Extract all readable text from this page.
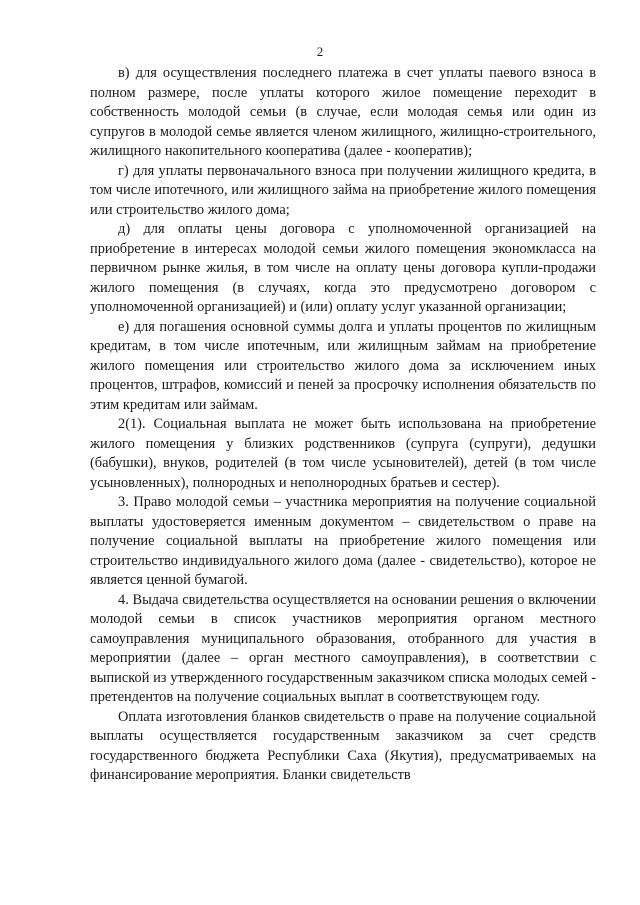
2

в) для осуществления последнего платежа в счет уплаты паевого взноса в полном размере, после уплаты которого жилое помещение переходит в собственность молодой семьи (в случае, если молодая семья или один из супругов в молодой семье является членом жилищного, жилищно-строительного, жилищного накопительного кооператива (далее - кооператив);

г) для уплаты первоначального взноса при получении жилищного кредита, в том числе ипотечного, или жилищного займа на приобретение жилого помещения или строительство жилого дома;

д) для оплаты цены договора с уполномоченной организацией на приобретение в интересах молодой семьи жилого помещения экономкласса на первичном рынке жилья, в том числе на оплату цены договора купли-продажи жилого помещения (в случаях, когда это предусмотрено договором с уполномоченной организацией) и (или) оплату услуг указанной организации;

е) для погашения основной суммы долга и уплаты процентов по жилищным кредитам, в том числе ипотечным, или жилищным займам на приобретение жилого помещения или строительство жилого дома за исключением иных процентов, штрафов, комиссий и пеней за просрочку исполнения обязательств по этим кредитам или займам.

2(1). Социальная выплата не может быть использована на приобретение жилого помещения у близких родственников (супруга (супруги), дедушки (бабушки), внуков, родителей (в том числе усыновителей), детей (в том числе усыновленных), полнородных и неполнородных братьев и сестер).

3. Право молодой семьи – участника мероприятия на получение социальной выплаты удостоверяется именным документом – свидетельством о праве на получение социальной выплаты на приобретение жилого помещения или строительство индивидуального жилого дома (далее - свидетельство), которое не является ценной бумагой.

4. Выдача свидетельства осуществляется на основании решения о включении молодой семьи в список участников мероприятия органом местного самоуправления муниципального образования, отобранного для участия в мероприятии (далее – орган местного самоуправления), в соответствии с выпиской из утвержденного государственным заказчиком списка молодых семей - претендентов на получение социальных выплат в соответствующем году.

Оплата изготовления бланков свидетельств о праве на получение социальной выплаты осуществляется государственным заказчиком за счет средств государственного бюджета Республики Саха (Якутия), предусматриваемых на финансирование мероприятия. Бланки свидетельств
